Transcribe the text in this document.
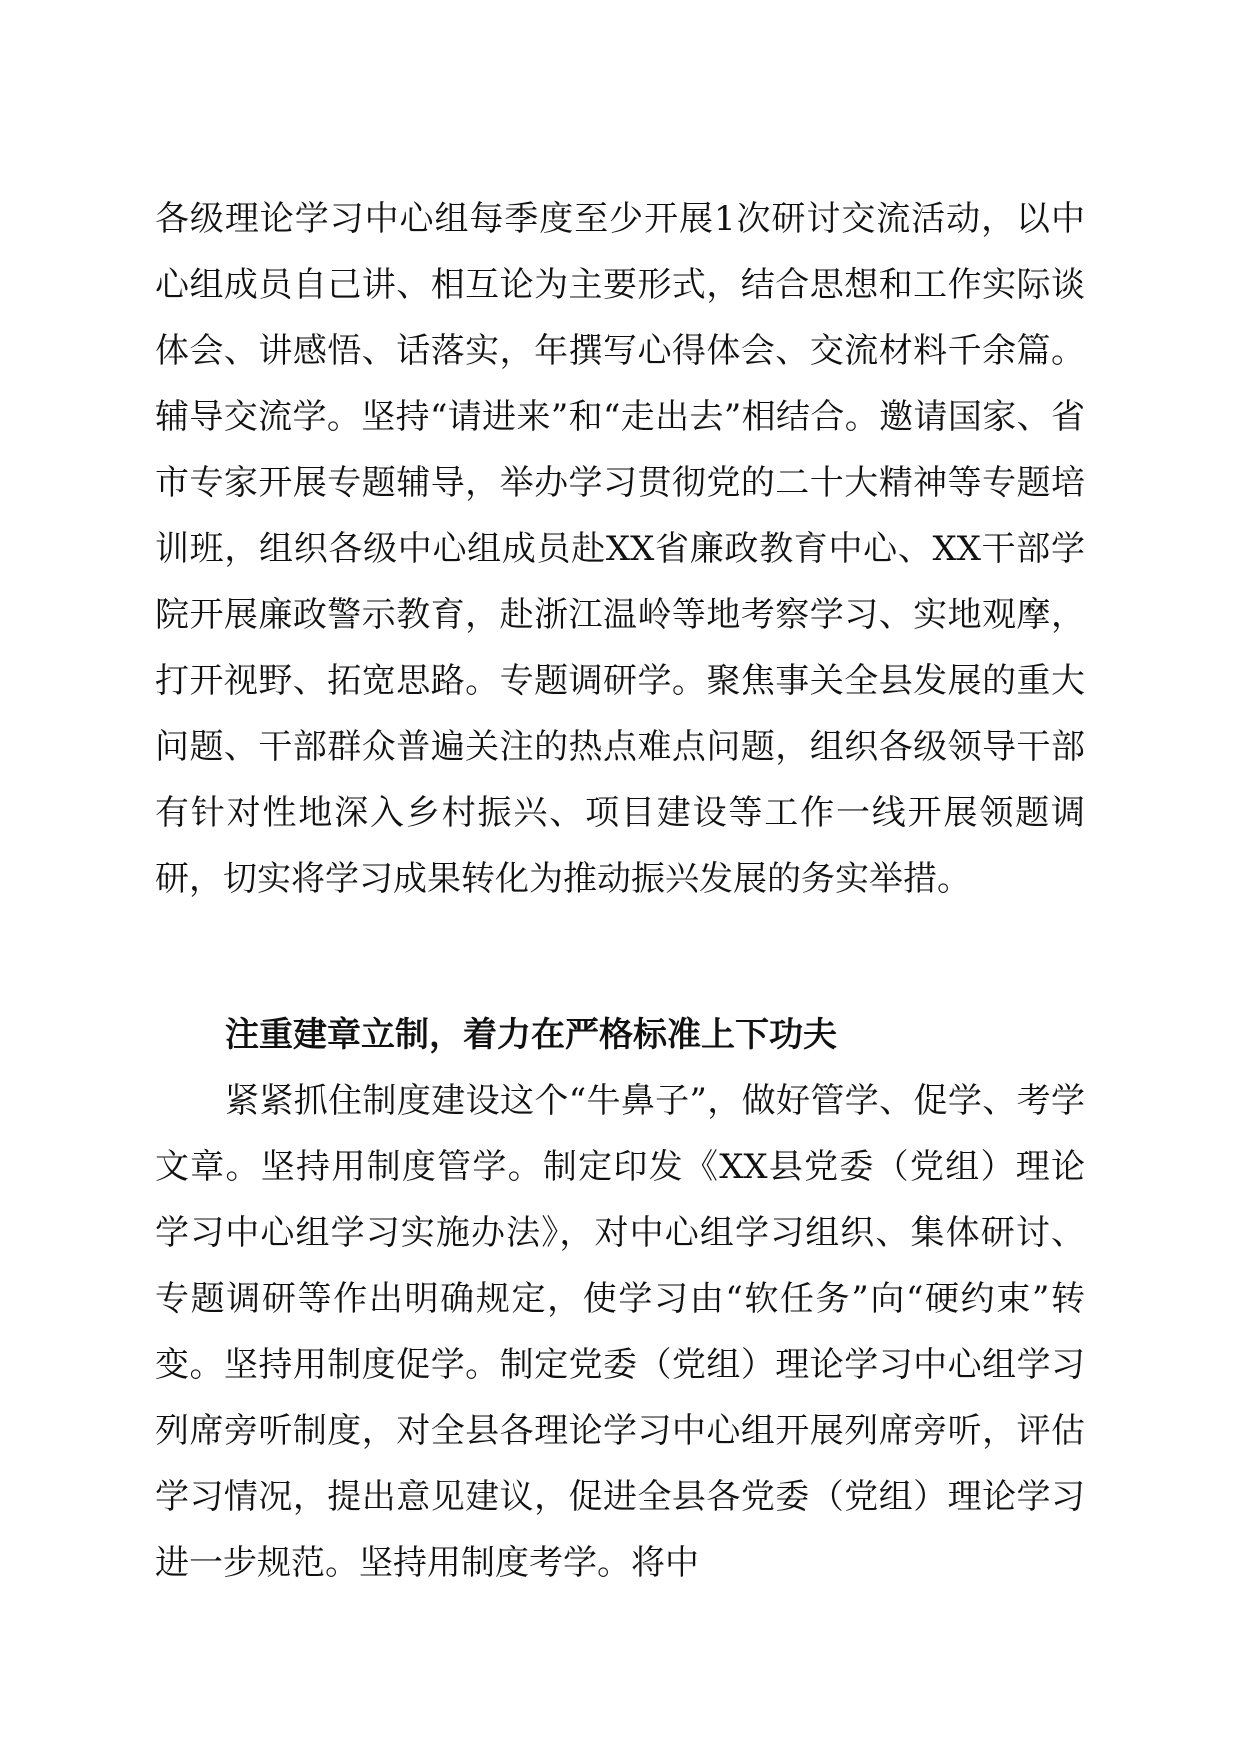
各级理论学习中心组每季度至少开展1次研讨交流活动，以中心组成员自己讲、相互论为主要形式，结合思想和工作实际谈体会、讲感悟、话落实，年撰写心得体会、交流材料千余篇。辅导交流学。坚持“请进来”和“走出去”相结合。邀请国家、省市专家开展专题辅导，举办学习贯彻党的二十大精神等专题培训班，组织各级中心组成员赴XX省廉政教育中心、XX干部学院开展廉政警示教育，赴浙江温岭等地考察学习、实地观摩，打开视野、拓宽思路。专题调研学。聚焦事关全县发展的重大问题、干部群众普遍关注的热点难点问题，组织各级领导干部有针对性地深入乡村振兴、项目建设等工作一线开展领题调研，切实将学习成果转化为推动振兴发展的务实举措。

注重建章立制，着力在严格标准上下功夫

紧紧抓住制度建设这个“牛鼻子”，做好管学、促学、考学文章。坚持用制度管学。制定印发《XX县党委（党组）理论学习中心组学习实施办法》，对中心组学习组织、集体研讨、专题调研等作出明确规定，使学习由“软任务”向“硬约束”转变。坚持用制度促学。制定党委（党组）理论学习中心组学习列席旁听制度，对全县各理论学习中心组开展列席旁听，评估学习情况，提出意见建议，促进全县各党委（党组）理论学习进一步规范。坚持用制度考学。将中
